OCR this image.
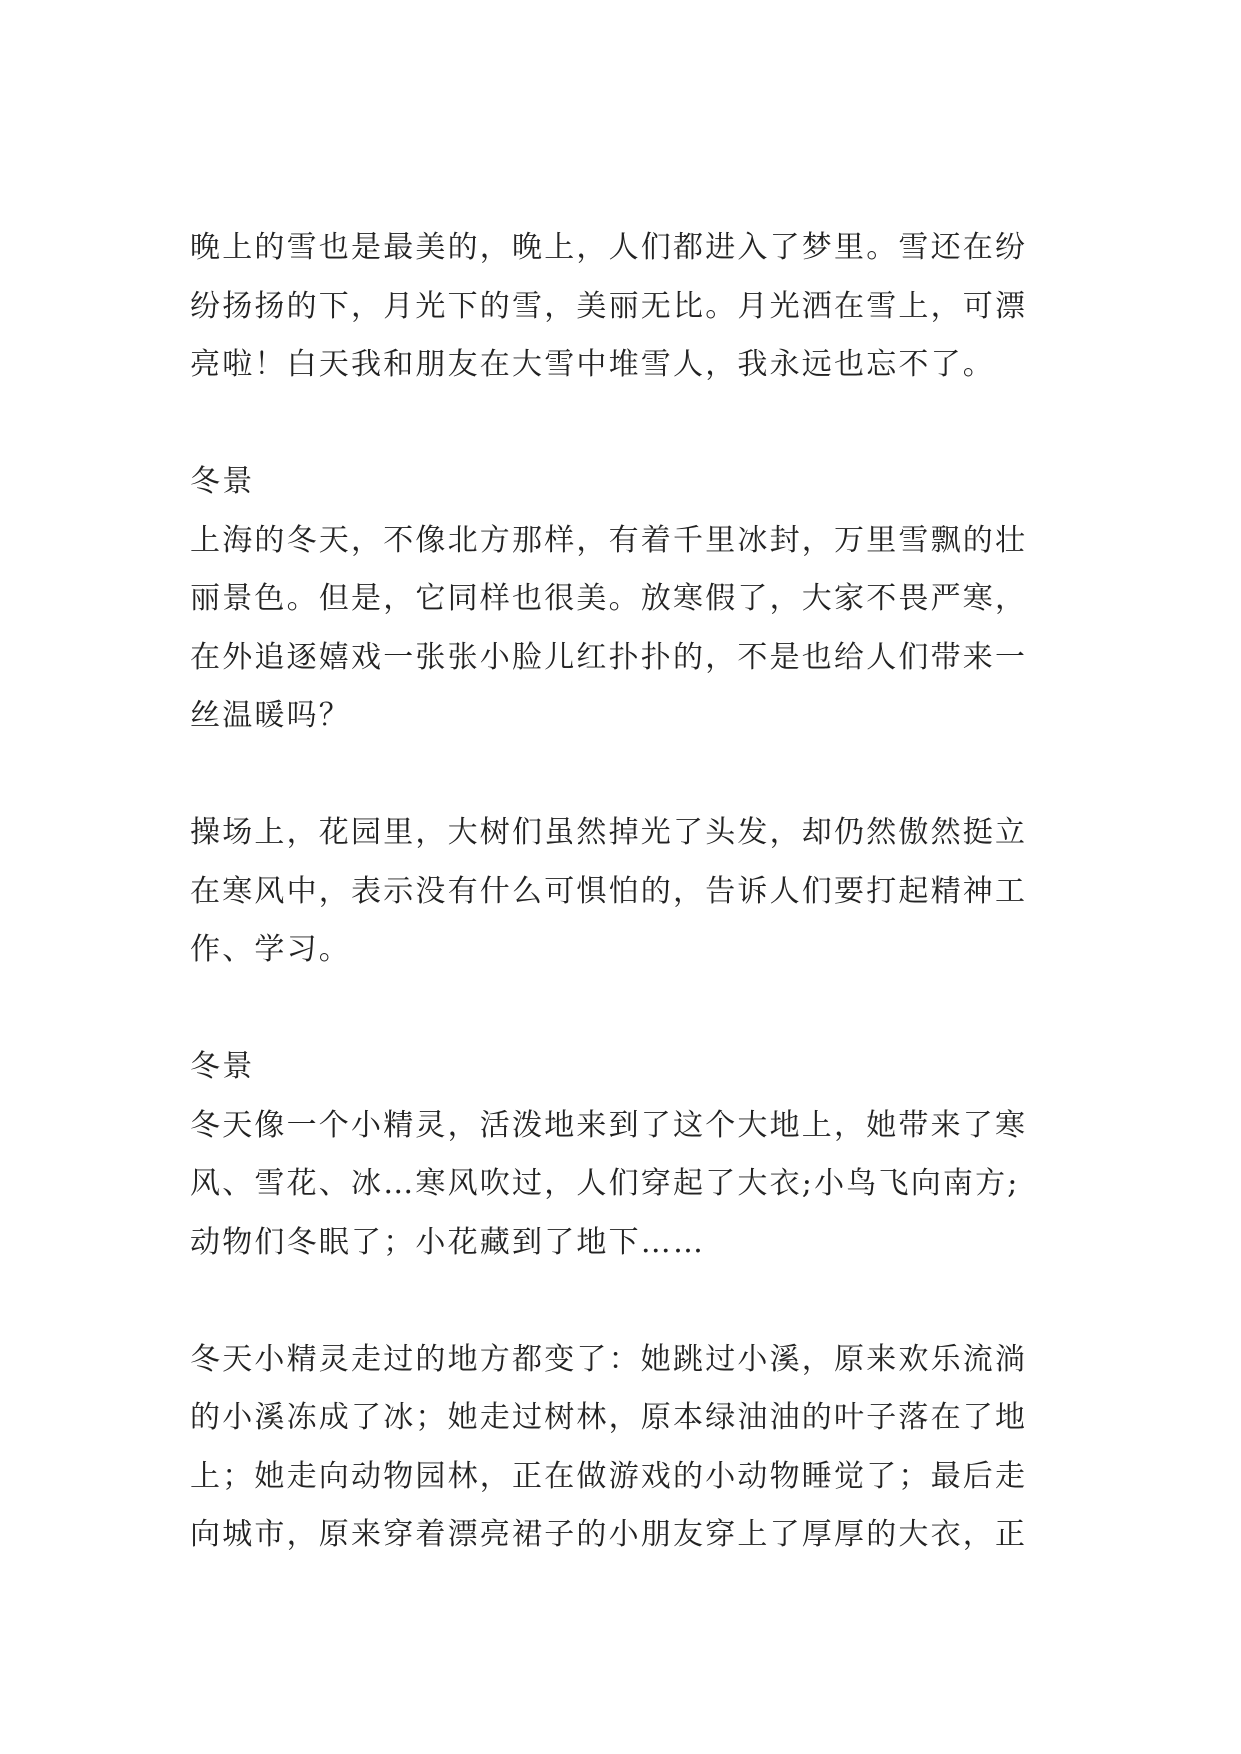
晚上的雪也是最美的，晚上，人们都进入了梦里。雪还在纷
纷扬扬的下，月光下的雪，美丽无比。月光洒在雪上，可漂
亮啦！白天我和朋友在大雪中堆雪人，我永远也忘不了。
冬景
上海的冬天，不像北方那样，有着千里冰封，万里雪飘的壮
丽景色。但是，它同样也很美。放寒假了，大家不畏严寒，
在外追逐嬉戏一张张小脸儿红扑扑的，不是也给人们带来一
丝温暖吗？
操场上，花园里，大树们虽然掉光了头发，却仍然傲然挺立
在寒风中，表示没有什么可惧怕的，告诉人们要打起精神工
作、学习。
冬景
冬天像一个小精灵，活泼地来到了这个大地上，她带来了寒
风、雪花、冰…寒风吹过，人们穿起了大衣;小鸟飞向南方;
动物们冬眠了；小花藏到了地下……
冬天小精灵走过的地方都变了：她跳过小溪，原来欢乐流淌
的小溪冻成了冰；她走过树林，原本绿油油的叶子落在了地
上；她走向动物园林，正在做游戏的小动物睡觉了；最后走
向城市，原来穿着漂亮裙子的小朋友穿上了厚厚的大衣，正
